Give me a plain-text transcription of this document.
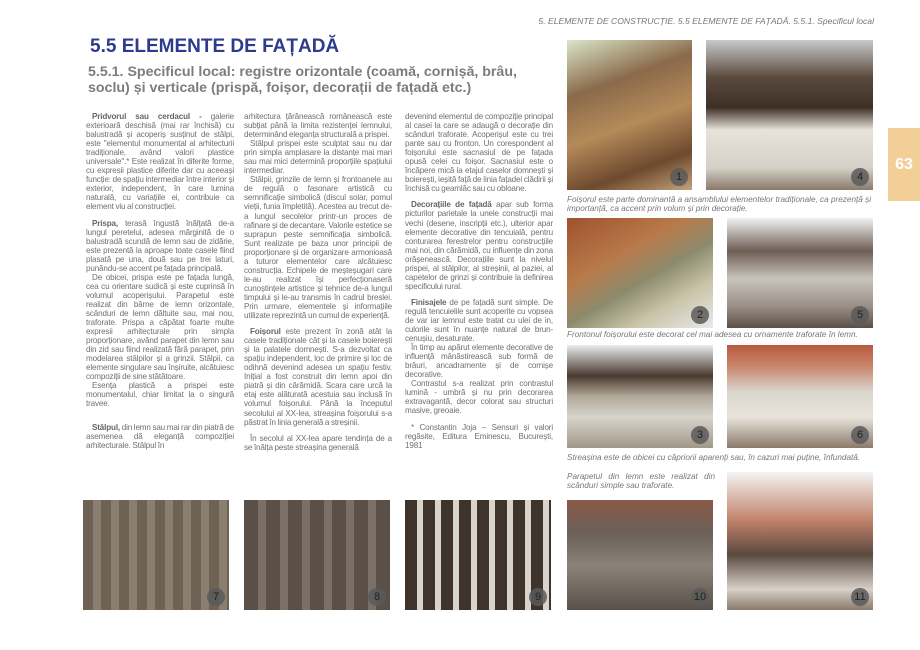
5. ELEMENTE DE CONSTRUCȚIE. 5.5 ELEMENTE DE FAȚADĂ. 5.5.1. Specificul local
5.5 ELEMENTE DE FAȚADĂ
5.5.1. Specificul local: registre orizontale (coamă, cornișă, brâu, soclu) și verticale (prispă, foișor, decorații de fațadă etc.)
63

Pridvorul sau cerdacul - galerie exterioară deschisă (mai rar închisă) cu balustradă și acoperiș susținut de stâlpi, este "elementul monumental al arhitecturii tradiționale, având valori plastice universale".* Este realizat în diferite forme, cu expresii plastice diferite dar cu aceeași funcție: de spațiu intermediar între interior și exterior, independent, în care lumina naturală, cu variațiile ei, contribuie ca element viu al construcției.

Prispa, terasă îngustă înălțată de-a lungul peretelui, adesea mărginită de o balustradă scundă de lemn sau de zidărie, este prezentă la aproape toate casele fiind plasată pe una, două sau pe trei laturi, punându-se accent pe fațada principală.

De obicei, prispa este pe fațada lungă, cea cu orientare sudică și este cuprinsă în volumul acoperișului. Parapetul este realizat din bârne de lemn orizontale, scânduri de lemn dăltuite sau, mai nou, traforate. Prispa a căpătat foarte multe expresii arhitecturale prin simpla proporționare, având parapet din lemn sau din zid sau fiind realizată fără parapet, prin modelarea stâlpilor și a grinzii. Stâlpii, ca elemente singulare sau înșiruite, alcătuiesc compoziții de sine stătătoare.

Esența plastică a prispei este monumentalul, chiar limitat la o singură travee.

Stâlpul, din lemn sau mai rar din piatră de asemenea dă eleganță compoziției arhitecturale. Stâlpul în

arhitectura țărănească românească este subțiat până la limita rezistenței lemnului, determinând eleganța structurală a prispei.

Stâlpul prispei este sculptat sau nu dar prin simpla amplasare la distanțe mai mari sau mai mici determină proporțiile spațiului intermediar.

Stâlpii, grinzile de lemn și frontoanele au de regulă o fasonare artistică cu semnificație simbolică (discul solar, pomul vieții, funia împletită). Acestea au trecut de-a lungul secolelor printr-un proces de rafinare și de decantare. Valorile estetice se suprapun peste semnificația simbolică. Sunt realizate pe baza unor principii de proporționare și de organizare armonioasă a tuturor elementelor care alcătuiesc construcția. Echipele de meșteșugari care le-au realizat își perfecționaseră cunoștințele artistice și tehnice de-a lungul timpului și le-au transmis în cadrul breslei. Prin urmare, elementele și informațiile utilizate reprezintă un cumul de experiență.

Foișorul este prezent în zonă atât la casele tradiționale cât și la casele boierești și la palatele domnești. S-a dezvoltat ca spațiu independent, loc de primire și loc de odihnă devenind adesea un spațiu festiv. Inițial a fost construit din lemn apoi din piatră și din cărămidă. Scara care urcă la etaj este alăturată acestuia sau inclusă în volumul foișorului. Până la începutul secolului al XX-lea, streașina foișorului s-a păstrat în linia generală a streșinii.

În secolul al XX-lea apare tendința de a se înălța peste streașina generală

devenind elementul de compoziție principal al casei la care se adaugă o decorație din scânduri traforate. Acoperișul este cu trei pante sau cu fronton. Un corespondent al foișorului este sacnasiul de pe fațada opusă celei cu foișor. Sacnasiul este o încăpere mică la etajul caselor domnești și boierești, ieșită față de linia fațadei clădirii și închisă cu geamlâc sau cu obloane.

Decorațiile de fațadă apar sub forma picturilor parietale la unele construcții mai vechi (desene, inscripții etc.), ulterior apar elemente decorative din tencuială, pentru conturarea ferestrelor pentru construcțiile mai noi, din cărămidă, cu influențe din zona orășenească. Decorațiile sunt la nivelul prispei, al stâlpilor, al streșinii, al paziei, al capetelor de grinzi și contribuie la definirea specificului rural.

Finisajele de pe fațadă sunt simple. De regulă tencuielile sunt acoperite cu vopsea de var iar lemnul este tratat cu ulei de in, culorile sunt în nuanțe natural de brun-cenușiu, desaturate.

În timp au apărut elemente decorative de influență mânăstirească sub formă de brâuri, ancadramente și de cornișe decorative.

Contrastul s-a realizat prin contrastul lumină - umbră și nu prin decorarea extravagantă, decor colorat sau structuri masive, greoaie.

* Constantin Joja – Sensuri și valori regăsite, Editura Eminescu, București, 1981

1	4
Foișorul este parte dominantă a ansamblului elementelor tradiționale, ca prezență și importanță, ca accent prin volum și prin decorație.
2	5
Frontonul foișorului este decorat cel mai adesea cu ornamente traforate în lemn.
3	6
Streașina este de obicei cu căpriorii aparenți sau, în cazuri mai puține, înfundată.
Parapetul din lemn este realizat din scânduri simple sau traforate.
7	8	9	10	11
